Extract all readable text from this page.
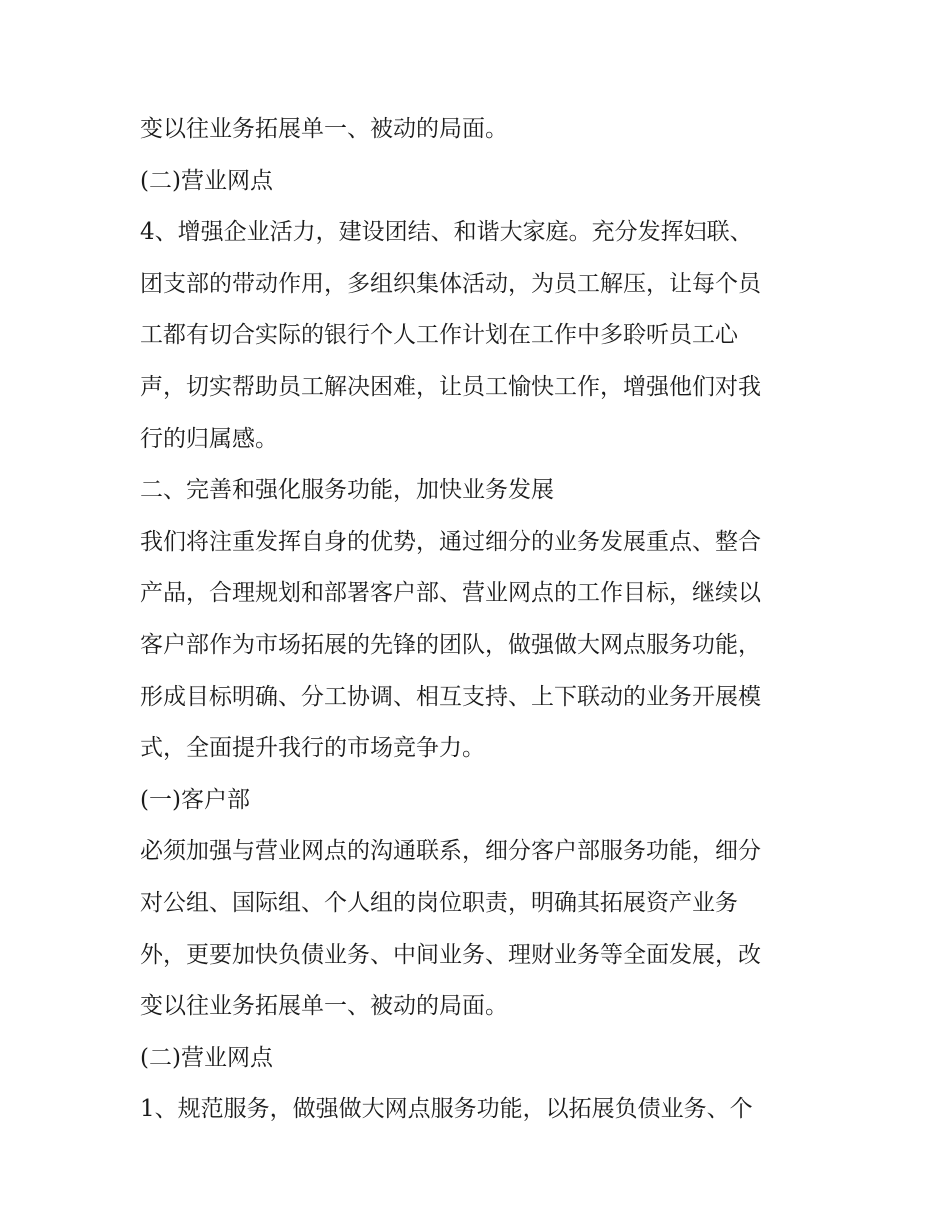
变以往业务拓展单一、被动的局面。
(二)营业网点
4、增强企业活力，建设团结、和谐大家庭。充分发挥妇联、
团支部的带动作用，多组织集体活动，为员工解压，让每个员
工都有切合实际的银行个人工作计划在工作中多聆听员工心
声，切实帮助员工解决困难，让员工愉快工作，增强他们对我
行的归属感。
二、完善和强化服务功能，加快业务发展
我们将注重发挥自身的优势，通过细分的业务发展重点、整合
产品，合理规划和部署客户部、营业网点的工作目标，继续以
客户部作为市场拓展的先锋的团队，做强做大网点服务功能，
形成目标明确、分工协调、相互支持、上下联动的业务开展模
式，全面提升我行的市场竞争力。
(一)客户部
必须加强与营业网点的沟通联系，细分客户部服务功能，细分
对公组、国际组、个人组的岗位职责，明确其拓展资产业务
外，更要加快负债业务、中间业务、理财业务等全面发展，改
变以往业务拓展单一、被动的局面。
(二)营业网点
1、规范服务，做强做大网点服务功能，以拓展负债业务、个
